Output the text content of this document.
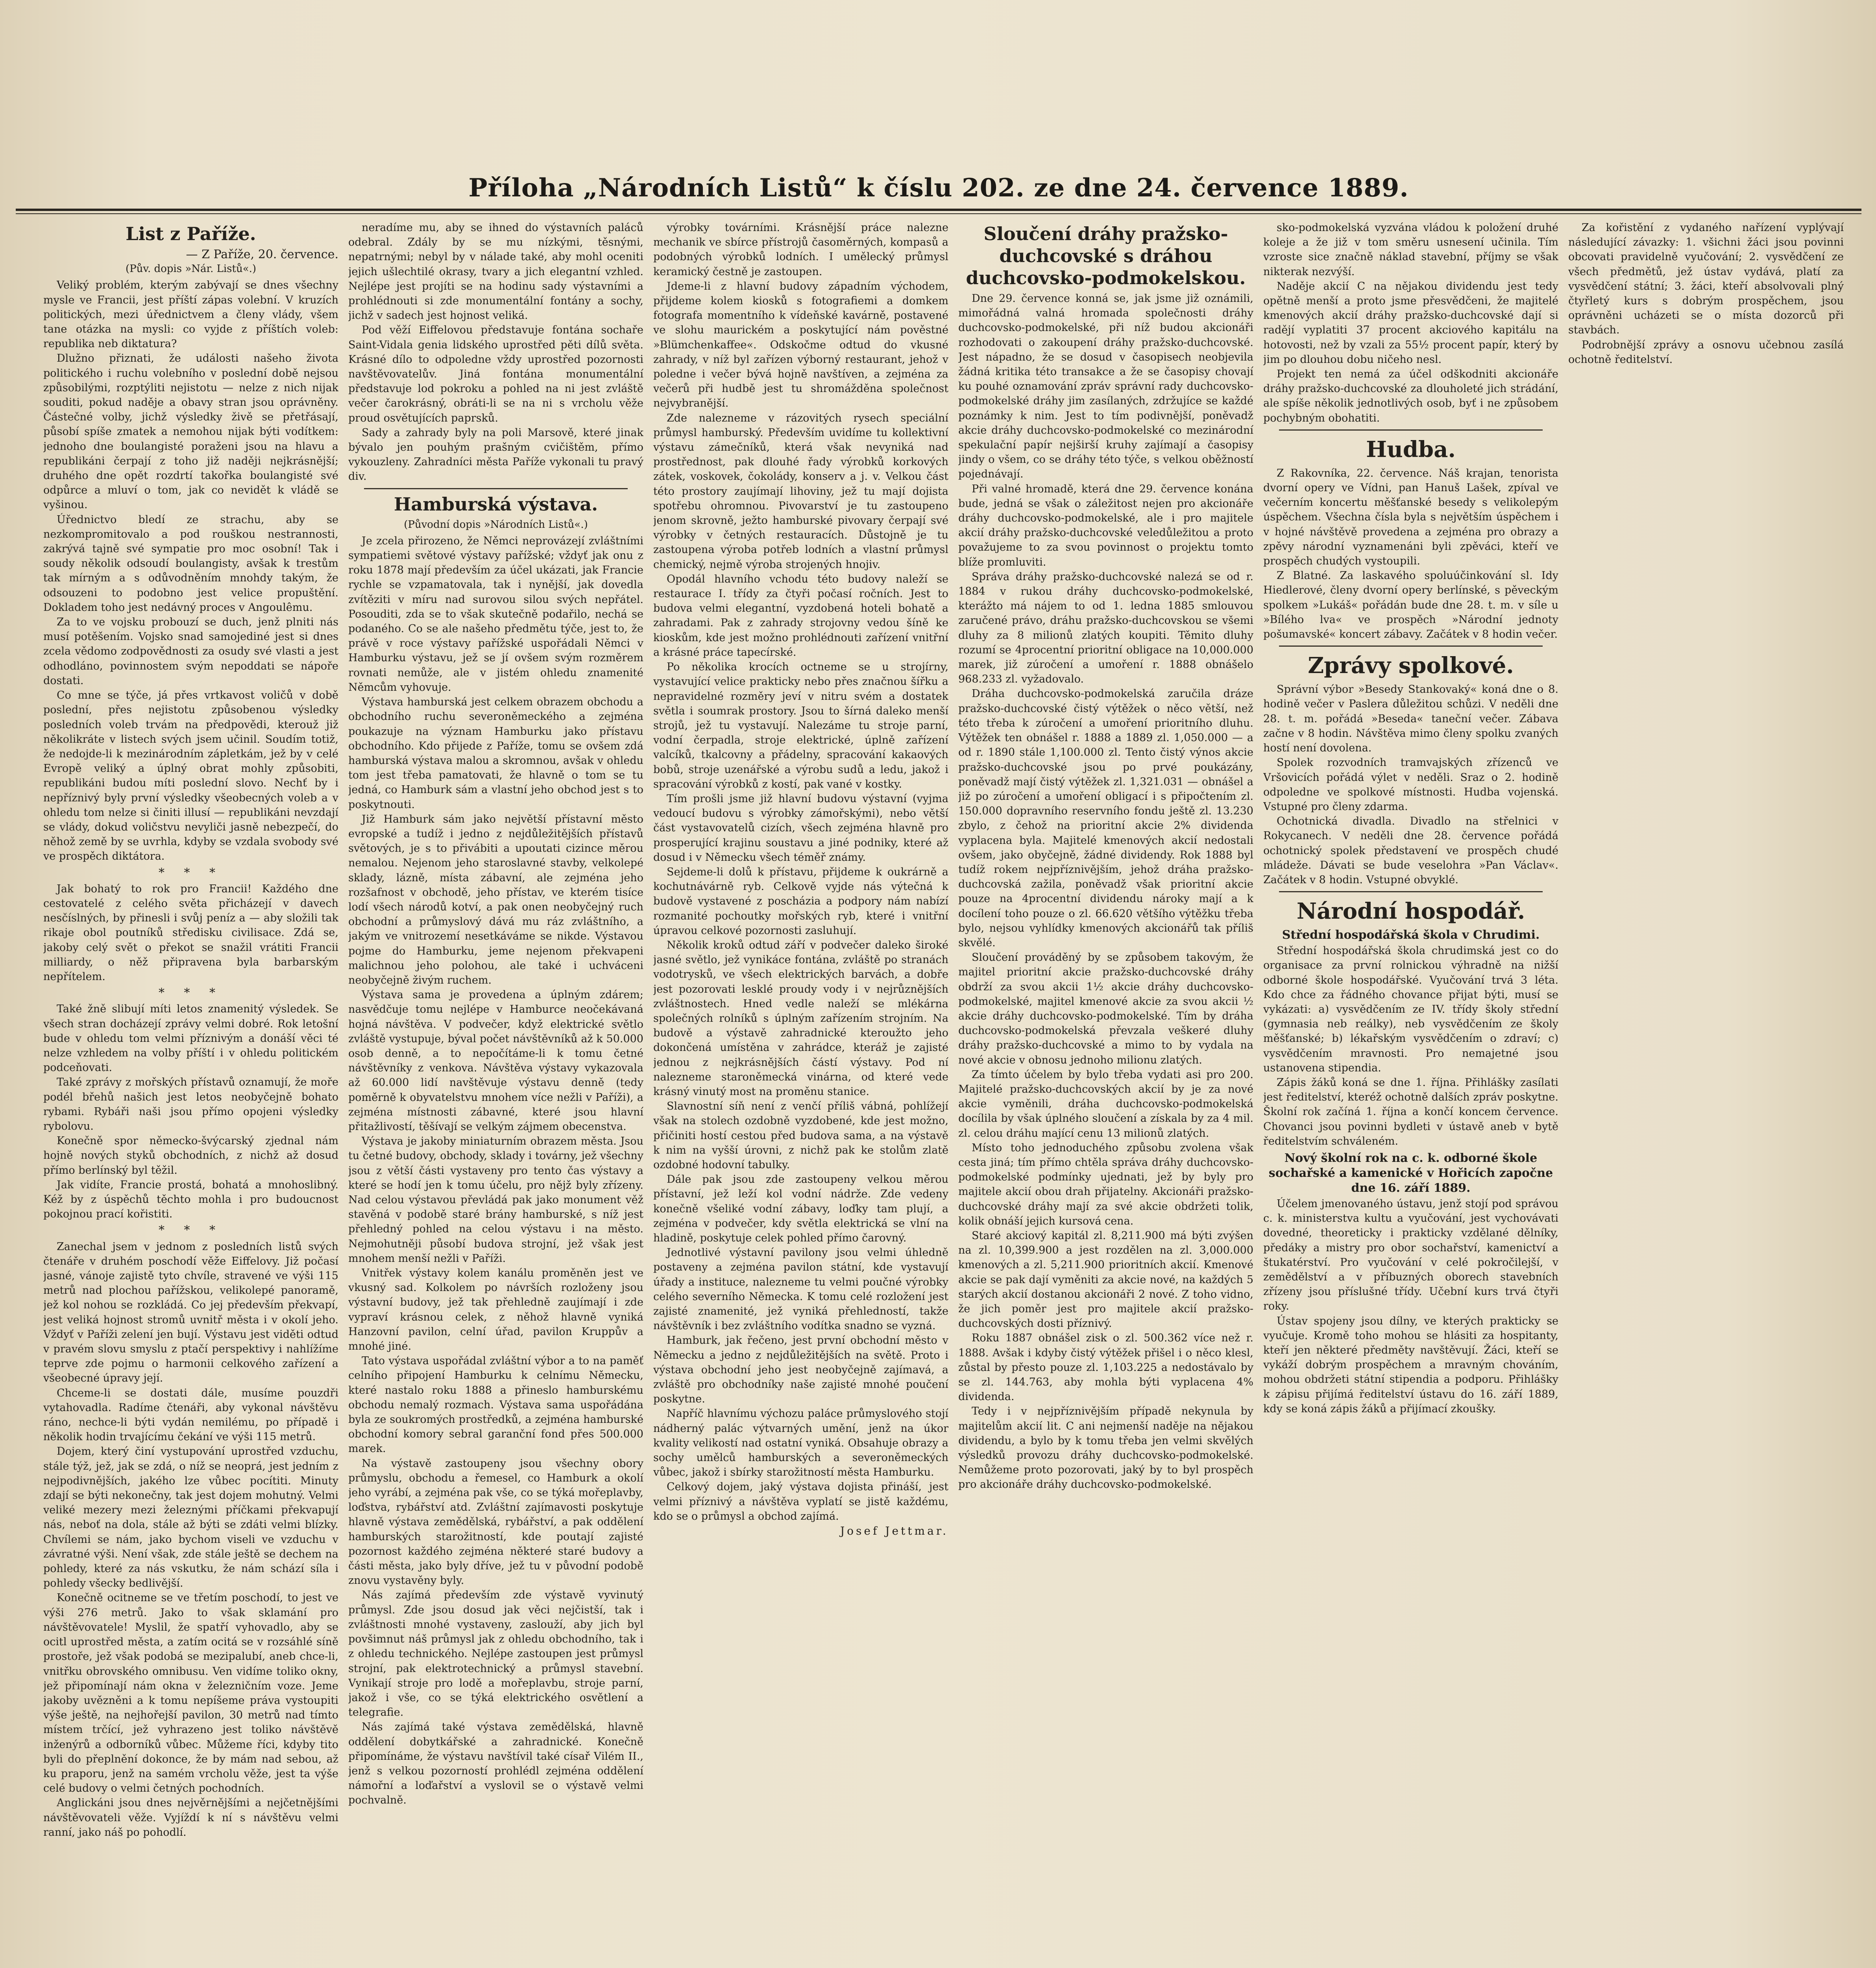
Příloha „Národních Listů“ k číslu 202. ze dne 24. července 1889.
List z Paříže.
— Z Paříže, 20. července.
(Pův. dopis »Nár. Listů«.)
Veliký problém, kterým zabývají se dnes všechny mysle ve Francii, jest příští zápas volební. V kruzích politických, mezi úřednictvem a členy vlády, všem tane otázka na mysli: co vyjde z příštích voleb: republika neb diktatura?
Dlužno přiznati, že události našeho života politického i ruchu volebního v poslední době nejsou způsobilými, rozptýliti nejistotu — nelze z nich nijak souditi, pokud naděje a obavy stran jsou oprávněny. Částečné volby, jichž výsledky živě se přetřásají, působí spíše zmatek a nemohou nijak býti vodítkem: jednoho dne boulangisté poraženi jsou na hlavu a republikáni čerpají z toho již naději nejkrásnější; druhého dne opět rozdrtí takořka boulangisté své odpůrce a mluví o tom, jak co nevidět k vládě se vyšinou.
Úřednictvo bledí ze strachu, aby se nezkompromitovalo a pod rouškou nestrannosti, zakrývá tajně své sympatie pro moc osobní! Tak i soudy několik odsoudí boulangisty, avšak k trestům tak mírným a s odůvodněním mnohdy takým, že odsouzeni to podobno jest velice propuštění. Dokladem toho jest nedávný proces v Angoulêmu.
Za to ve vojsku probouzí se duch, jenž plniti nás musí potěšením. Vojsko snad samojediné jest si dnes zcela vědomo zodpovědnosti za osudy své vlasti a jest odhodláno, povinnostem svým nepoddati se nápoře dostati.
Co mne se týče, já přes vrtkavost voličů v době poslední, přes nejistotu způsobenou výsledky posledních voleb trvám na předpovědi, kterouž již několikráte v listech svých jsem učinil. Soudím totiž, že nedojde-li k mezinárodním zápletkám, jež by v celé Evropě veliký a úplný obrat mohly způsobiti, republikáni budou míti poslední slovo. Nechť by i nepříznivý byly první výsledky všeobecných voleb a v ohledu tom nelze si činiti illusí — republikáni nevzdají se vlády, dokud voličstvu nevyliči jasně nebezpečí, do něhož země by se uvrhla, kdyby se vzdala svobody své ve prospěch diktátora.
* * *
Jak bohatý to rok pro Francii! Každého dne cestovatelé z celého světa přicházejí v davech nesčíslných, by přinesli i svůj peníz a — aby složili tak rikaje obol poutníků středisku civilisace. Zdá se, jakoby celý svět o překot se snažil vrátiti Francii milliardy, o něž připravena byla barbarským nepřítelem.
* * *
Také žně slibují míti letos znamenitý výsledek. Se všech stran docházejí zprávy velmi dobré. Rok letošní bude v ohledu tom velmi příznivým a donáší věci té nelze vzhledem na volby příští i v ohledu politickém podceňovati.
Také zprávy z mořských přístavů oznamují, že moře podél břehů našich jest letos neobyčejně bohato rybami. Rybáři naši jsou přímo opojeni výsledky rybolovu.
Konečně spor německo-švýcarský zjednal nám hojně nových styků obchodních, z nichž až dosud přímo berlínský byl těžil.
Jak vidíte, Francie prostá, bohatá a mnohoslibný. Kéž by z úspěchů těchto mohla i pro budoucnost pokojnou prací kořistiti.
* * *
Zanechal jsem v jednom z posledních listů svých čtenáře v druhém poschodí věže Eiffelovy. Již počasí jasné, vánoje zajistě tyto chvíle, stravené ve výši 115 metrů nad plochou pařížskou, velikolepé panoramě, jež kol nohou se rozkládá. Co jej především překvapí, jest veliká hojnost stromů uvnitř města i v okolí jeho. Vždyť v Paříži zelení jen bují. Výstavu jest viděti odtud v pravém slovu smyslu z ptačí perspektivy i nahlížíme teprve zde pojmu o harmonii celkového zařízení a všeobecné úpravy její.
Chceme-li se dostati dále, musíme pouzdři vytahovadla. Radíme čtenáři, aby vykonal návštěvu ráno, nechce-li býti vydán nemilému, po případě i několik hodin trvajícímu čekání ve výši 115 metrů.
Dojem, který činí vystupování uprostřed vzduchu, stále týž, jež, jak se zdá, o níž se neoprá, jest jedním z nejpodivnějších, jakého lze vůbec pocítiti. Minuty zdají se býti nekonečny, tak jest dojem mohutný. Velmi veliké mezery mezi železnými příčkami překvapují nás, neboť na dola, stále až býti se zdáti velmi blízky. Chvílemi se nám, jako bychom viseli ve vzduchu v závratné výši. Není však, zde stále ještě se dechem na pohledy, které za nás vskutku, že nám schází síla i pohledy všecky bedlivější.
Konečně ocitneme se ve třetím poschodí, to jest ve výši 276 metrů. Jako to však sklamání pro návštěvovatele! Myslil, že spatří vyhovadlo, aby se ocitl uprostřed města, a zatím ocitá se v rozsáhlé síně prostoře, jež však podobá se mezipalubí, aneb chce-li, vnitřku obrovského omnibusu. Ven vidíme toliko okny, jež připomínají nám okna v železničním voze. Jeme jakoby uvězněni a k tomu nepíšeme práva vystoupiti výše ještě, na nejhořejší pavilon, 30 metrů nad tímto místem trčící, jež vyhrazeno jest toliko návštěvě inženýrů a odborníků vůbec. Můžeme říci, kdyby tito byli do přeplnění dokonce, že by mám nad sebou, až ku praporu, jenž na samém vrcholu věže, jest ta výše celé budovy o velmi četných pochodních.
Anglickáni jsou dnes nejvěrnějšími a nejčetnějšími návštěvovateli věže. Vyjíždí k ní s návštěvu velmi ranní, jako náš po pohodlí.
neradíme mu, aby se ihned do výstavních paláců odebral. Zdály by se mu nízkými, těsnými, nepatrnými; nebyl by v nálade také, aby mohl oceniti jejich ušlechtilé okrasy, tvary a jich elegantní vzhled. Nejlépe jest projíti se na hodinu sady výstavními a prohlédnouti si zde monumentální fontány a sochy, jichž v sadech jest hojnost veliká.
Pod věží Eiffelovou představuje fontána sochaře Saint-Vidala genia lidského uprostřed pěti dílů světa. Krásné dílo to odpoledne vždy uprostřed pozornosti navštěvovatelův. Jiná fontána monumentální představuje lod pokroku a pohled na ni jest zvláště večer čarokrásný, obráti-li se na ni s vrcholu věže proud osvětujících paprsků.
Sady a zahrady byly na poli Marsově, které jinak bývalo jen pouhým prašným cvičištěm, přímo vykouzleny. Zahradníci města Paříže vykonali tu pravý div.
Hamburská výstava.
(Původní dopis »Národních Listů«.)
Je zcela přirozeno, že Němci neprovázejí zvláštními sympatiemi světové výstavy pařížské; vždyť jak onu z roku 1878 mají především za účel ukázati, jak Francie rychle se vzpamatovala, tak i nynější, jak dovedla zvítěziti v míru nad surovou silou svých nepřátel. Posouditi, zda se to však skutečně podařilo, nechá se podaného. Co se ale našeho předmětu týče, jest to, že právě v roce výstavy pařížské uspořádali Němci v Hamburku výstavu, jež se jí ovšem svým rozměrem rovnati nemůže, ale v jistém ohledu znamenité Němcům vyhovuje.
Výstava hamburská jest celkem obrazem obchodu a obchodního ruchu severoněmeckého a zejména poukazuje na význam Hamburku jako přístavu obchodního. Kdo přijede z Paříže, tomu se ovšem zdá hamburská výstava malou a skromnou, avšak v ohledu tom jest třeba pamatovati, že hlavně o tom se tu jedná, co Hamburk sám a vlastní jeho obchod jest s to poskytnouti.
Již Hamburk sám jako největší přístavní město evropské a tudíž i jedno z nejdůležitějších přístavů světových, je s to přivábiti a upoutati cizince měrou nemalou. Nejenom jeho staroslavné stavby, velkolepé sklady, lázně, místa zábavní, ale zejména jeho rozšafnost v obchodě, jeho přístav, ve kterém tisíce lodí všech národů kotví, a pak onen neobyčejný ruch obchodní a průmyslový dává mu ráz zvláštního, a jakým ve vnitrozemí nesetkáváme se nikde. Výstavou pojme do Hamburku, jeme nejenom překvapeni malichnou jeho polohou, ale také i uchváceni neobyčejně živým ruchem.
Výstava sama je provedena a úplným zdárem; nasvědčuje tomu nejlépe v Hamburce neočekávaná hojná návštěva. V podvečer, když elektrické světlo zvláště vystupuje, býval počet návštěvníků až k 50.000 osob denně, a to nepočítáme-li k tomu četné návštěvníky z venkova. Návštěva výstavy vykazovala až 60.000 lidí navštěvuje výstavu denně (tedy poměrně k obyvatelstvu mnohem více nežli v Paříži), a zejména místnosti zábavné, které jsou hlavní přitažlivostí, těšívají se velkým zájmem obecenstva.
Výstava je jakoby miniaturním obrazem města. Jsou tu četné budovy, obchody, sklady i továrny, jež všechny jsou z větší části vystaveny pro tento čas výstavy a které se hodí jen k tomu účelu, pro nějž byly zřízeny. Nad celou výstavou převládá pak jako monument věž stavěná v podobě staré brány hamburské, s níž jest přehledný pohled na celou výstavu i na město. Nejmohutněji působí budova strojní, jež však jest mnohem menší nežli v Paříži.
Vnitřek výstavy kolem kanálu proměněn jest ve vkusný sad. Kolkolem po návrších rozloženy jsou výstavní budovy, jež tak přehledně zaujímají i zde vypraví krásnou celek, z něhož hlavně vyniká Hanzovní pavilon, celní úřad, pavilon Kruppův a mnohé jiné.
Tato výstava uspořádal zvláštní výbor a to na paměť celního připojení Hamburku k celnímu Německu, které nastalo roku 1888 a přineslo hamburskému obchodu nemalý rozmach. Výstava sama uspořádána byla ze soukromých prostředků, a zejména hamburské obchodní komory sebral garanční fond přes 500.000 marek.
Na výstavě zastoupeny jsou všechny obory průmyslu, obchodu a řemesel, co Hamburk a okolí jeho vyrábí, a zejména pak vše, co se týká mořeplavby, loďstva, rybářství atd. Zvláštní zajímavosti poskytuje hlavně výstava zemědělská, rybářství, a pak oddělení hamburských starožitností, kde poutají zajisté pozornost každého zejména některé staré budovy a části města, jako byly dříve, jež tu v původní podobě znovu vystavěny byly.
Nás zajímá především zde výstavě vyvinutý průmysl. Zde jsou dosud jak věci nejčistší, tak i zvláštnosti mnohé vystaveny, zaslouží, aby jich byl povšimnut náš průmysl jak z ohledu obchodního, tak i z ohledu technického. Nejlépe zastoupen jest průmysl strojní, pak elektrotechnický a průmysl stavební. Vynikají stroje pro lodě a mořeplavbu, stroje parní, jakož i vše, co se týká elektrického osvětlení a telegrafie.
Nás zajímá také výstava zemědělská, hlavně oddělení dobytkářské a zahradnické. Konečně připomínáme, že výstavu navštívil také císař Vilém II., jenž s velkou pozorností prohlédl zejména oddělení námořní a loďařství a vyslovil se o výstavě velmi pochvalně.
výrobky továrními. Krásnější práce nalezne mechanik ve sbírce přístrojů časoměrných, kompasů a podobných výrobků lodních. I umělecký průmysl keramický čestně je zastoupen.
Jdeme-li z hlavní budovy západním východem, přijdeme kolem kiosků s fotografiemi a domkem fotografa momentního k vídeňské kavárně, postavené ve slohu maurickém a poskytující nám pověstné »Blümchenkaffee«. Odskočme odtud do vkusné zahrady, v níž byl zařízen výborný restaurant, jehož v poledne i večer bývá hojně navštíven, a zejména za večerů při hudbě jest tu shromážděna společnost nejvybranější.
Zde nalezneme v rázovitých rysech speciální průmysl hamburský. Především uvidíme tu kollektivní výstavu zámečníků, která však nevyniká nad prostřednost, pak dlouhé řady výrobků korkových zátek, voskovek, čokolády, konserv a j. v. Velkou část této prostory zaujímají lihoviny, jež tu mají dojista spotřebu ohromnou. Pivovarství je tu zastoupeno jenom skrovně, ježto hamburské pivovary čerpají své výrobky v četných restauracích. Důstojně je tu zastoupena výroba potřeb lodních a vlastní průmysl chemický, nejmě výroba strojených hnojiv.
Opodál hlavního vchodu této budovy naleží se restaurace I. třídy za čtyři počasí ročních. Jest to budova velmi elegantní, vyzdobená hoteli bohatě a zahradami. Pak z zahrady strojovny vedou šíně ke kioskům, kde jest možno prohlédnouti zařízení vnitřní a krásné práce tapecírské.
Po několika krocích octneme se u strojírny, vystavující velice prakticky nebo přes značnou šířku a nepravidelné rozměry jeví v nitru svém a dostatek světla i soumrak prostory. Jsou to šírná daleko menší strojů, jež tu vystavují. Nalezáme tu stroje parní, vodní čerpadla, stroje elektrické, úplně zařízení valcíků, tkalcovny a přádelny, spracování kakaových bobů, stroje uzenářské a výrobu sudů a ledu, jakož i spracování výrobků z kostí, pak vané v kostky.
Tím prošli jsme již hlavní budovu výstavní (vyjma vedoucí budovu s výrobky zámořskými), nebo větší část vystavovatelů cizích, všech zejména hlavně pro prosperující krajinu soustavu a jiné podniky, které až dosud i v Německu všech téměř známy.
Sejdeme-li dolů k přístavu, přijdeme k oukrárně a kochutnávárně ryb. Celkově vyjde nás výtečná k budově vystavené z poscházia a podpory nám nabízí rozmanité pochoutky mořských ryb, které i vnitřní úpravou celkové pozornosti zasluhují.
Několik kroků odtud září v podvečer daleko široké jasné světlo, jež vynikáce fontána, zvláště po stranách vodotrysků, ve všech elektrických barvách, a dobře jest pozorovati lesklé proudy vody i v nejrůznějších zvláštnostech. Hned vedle naleží se mlékárna společných rolníků s úplným zařízením strojním. Na budově a výstavě zahradnické kteroužto jeho dokončená umístěna v zahrádce, kteráž je zajisté jednou z nejkrásnějších částí výstavy. Pod ní nalezneme staroněmecká vinárna, od které vede krásný vinutý most na proměnu stanice.
Slavnostní síň není z venčí příliš vábná, pohlížejí však na stolech ozdobně vyzdobené, kde jest možno, přičiniti hostí cestou před budova sama, a na výstavě k nim na vyšší úrovni, z nichž pak ke stolům zlatě ozdobné hodovní tabulky.
Dále pak jsou zde zastoupeny velkou měrou přístavní, jež leží kol vodní nádrže. Zde vedeny konečně všeliké vodní zábavy, loďky tam plují, a zejména v podvečer, kdy světla elektrická se vlní na hladině, poskytuje celek pohled přímo čarovný.
Jednotlivé výstavní pavilony jsou velmi úhledně postaveny a zejména pavilon státní, kde vystavují úřady a instituce, nalezneme tu velmi poučné výrobky celého severního Německa. K tomu celé rozložení jest zajisté znamenité, jež vyniká přehledností, takže návštěvník i bez zvláštního vodítka snadno se vyzná.
Hamburk, jak řečeno, jest první obchodní město v Německu a jedno z nejdůležitějších na světě. Proto i výstava obchodní jeho jest neobyčejně zajímavá, a zvláště pro obchodníky naše zajisté mnohé poučení poskytne.
Napříč hlavnímu výchozu paláce průmyslového stojí nádherný palác výtvarných umění, jenž na úkor kvality velikostí nad ostatní vyniká. Obsahuje obrazy a sochy umělců hamburských a severoněmeckých vůbec, jakož i sbírky starožitností města Hamburku.
Celkový dojem, jaký výstava dojista přináší, jest velmi příznivý a návštěva vyplatí se jistě každému, kdo se o průmysl a obchod zajímá.
Josef Jettmar.
Sloučení dráhy pražsko-duchcovské s dráhou duchcovsko-podmokelskou.
Dne 29. července konná se, jak jsme již oznámili, mimořádná valná hromada společnosti dráhy duchcovsko-podmokelské, při níž budou akcionáři rozhodovati o zakoupení dráhy pražsko-duchcovské. Jest nápadno, že se dosud v časopisech neobjevila žádná kritika této transakce a že se časopisy chovají ku pouhé oznamování zpráv správní rady duchcovsko-podmokelské dráhy jim zasílaných, zdržujíce se každé poznámky k nim. Jest to tím podivnější, poněvadž akcie dráhy duchcovsko-podmokelské co mezinárodní spekulační papír nejširší kruhy zajímají a časopisy jindy o všem, co se dráhy této týče, s velkou oběžností pojednávají.
Při valné hromadě, která dne 29. července konána bude, jedná se však o záležitost nejen pro akcionáře dráhy duchcovsko-podmokelské, ale i pro majitele akcií dráhy pražsko-duchcovské veledůležitou a proto považujeme to za svou povinnost o projektu tomto blíže promluviti.
Správa dráhy pražsko-duchcovské nalezá se od r. 1884 v rukou dráhy duchcovsko-podmokelské, kterážto má nájem to od 1. ledna 1885 smlouvou zaručené právo, dráhu pražsko-duchcovskou se všemi dluhy za 8 milionů zlatých koupiti. Těmito dluhy rozumí se 4procentní prioritní obligace na 10,000.000 marek, již zúročení a umoření r. 1888 obnášelo 968.233 zl. vyžadovalo.
Dráha duchcovsko-podmokelská zaručila dráze pražsko-duchcovské čistý výtěžek o něco větší, než této třeba k zúročení a umoření prioritního dluhu. Výtěžek ten obnášel r. 1888 a 1889 zl. 1,050.000 — a od r. 1890 stále 1,100.000 zl. Tento čistý výnos akcie pražsko-duchcovské jsou po prvé poukázány, poněvadž mají čistý výtěžek zl. 1,321.031 — obnášel a již po zúročení a umoření obligací i s připočtením zl. 150.000 dopravního reservního fondu ještě zl. 13.230 zbylo, z čehož na prioritní akcie 2% dividenda vyplacena byla. Majitelé kmenových akcií nedostali ovšem, jako obyčejně, žádné dividendy. Rok 1888 byl tudíž rokem nejpříznivějším, jehož dráha pražsko-duchcovská zažila, poněvadž však prioritní akcie pouze na 4procentní dividendu nároky mají a k docílení toho pouze o zl. 66.620 většího výtěžku třeba bylo, nejsou vyhlídky kmenových akcionářů tak příliš skvělé.
Sloučení prováděný by se způsobem takovým, že majitel prioritní akcie pražsko-duchcovské dráhy obdrží za svou akcii 1½ akcie dráhy duchcovsko-podmokelské, majitel kmenové akcie za svou akcii ½ akcie dráhy duchcovsko-podmokelské. Tím by dráha duchcovsko-podmokelská převzala veškeré dluhy dráhy pražsko-duchcovské a mimo to by vydala na nové akcie v obnosu jednoho milionu zlatých.
Za tímto účelem by bylo třeba vydati asi pro 200. Majitelé pražsko-duchcovských akcií by je za nové akcie vyměnili, dráha duchcovsko-podmokelská docílila by však úplného sloučení a získala by za 4 mil. zl. celou dráhu mající cenu 13 milionů zlatých.
Místo toho jednoduchého způsobu zvolena však cesta jiná; tím přímo chtěla správa dráhy duchcovsko-podmokelské podmínky ujednati, jež by byly pro majitele akcií obou drah přijatelny. Akcionáři pražsko-duchcovské dráhy mají za své akcie obdržeti tolik, kolik obnáší jejich kursová cena.
Staré akciový kapitál zl. 8,211.900 má býti zvýšen na zl. 10,399.900 a jest rozdělen na zl. 3,000.000 kmenových a zl. 5,211.900 prioritních akcií. Kmenové akcie se pak dají vyměniti za akcie nové, na každých 5 starých akcií dostanou akcionáři 2 nové. Z toho vidno, že jich poměr jest pro majitele akcií pražsko-duchcovských dosti příznivý.
Roku 1887 obnášel zisk o zl. 500.362 více než r. 1888. Avšak i kdyby čistý výtěžek přišel i o něco klesl, zůstal by přesto pouze zl. 1,103.225 a nedostávalo by se zl. 144.763, aby mohla býti vyplacena 4% dividenda.
Tedy i v nejpříznivějším případě nekynula by majitelům akcií lit. C ani nejmenší naděje na nějakou dividendu, a bylo by k tomu třeba jen velmi skvělých výsledků provozu dráhy duchcovsko-podmokelské. Nemůžeme proto pozorovati, jaký by to byl prospěch pro akcionáře dráhy duchcovsko-podmokelské.
sko-podmokelská vyzvána vládou k položení druhé koleje a že již v tom směru usnesení učinila. Tím vzroste sice značně náklad stavební, příjmy se však nikterak nezvýší.
Naděje akcií C na nějakou dividendu jest tedy opětně menší a proto jsme přesvědčeni, že majitelé kmenových akcií dráhy pražsko-duchcovské dají si radějí vyplatiti 37 procent akciového kapitálu na hotovosti, než by vzali za 55½ procent papír, který by jim po dlouhou dobu ničeho nesl.
Projekt ten nemá za účel odškodniti akcionáře dráhy pražsko-duchcovské za dlouholeté jich strádání, ale spíše několik jednotlivých osob, byť i ne způsobem pochybným obohatiti.
Hudba.
Z Rakovníka, 22. července. Náš krajan, tenorista dvorní opery ve Vídni, pan Hanuš Lašek, zpíval ve večerním koncertu měšťanské besedy s velikolepým úspěchem. Všechna čísla byla s největším úspěchem i v hojné návštěvě provedena a zejména pro obrazy a zpěvy národní vyznamenáni byli zpěváci, kteří ve prospěch chudých vystoupili.
Z Blatné. Za laskavého spoluúčinkování sl. Idy Hiedlerové, členy dvorní opery berlínské, s pěveckým spolkem »Lukáš« pořádán bude dne 28. t. m. v síle u »Bílého lva« ve prospěch »Národní jednoty pošumavské« koncert zábavy. Začátek v 8 hodin večer.
Zprávy spolkové.
Správní výbor »Besedy Stankovaký« koná dne o 8. hodině večer v Paslera důležitou schůzi. V neděli dne 28. t. m. pořádá »Beseda« taneční večer. Zábava začne v 8 hodin. Návštěva mimo členy spolku zvaných hostí není dovolena.
Spolek rozvodních tramvajských zřízenců ve Vršovicích pořádá výlet v neděli. Sraz o 2. hodině odpoledne ve spolkové místnosti. Hudba vojenská. Vstupné pro členy zdarma.
Ochotnická divadla. Divadlo na střelnici v Rokycanech. V neděli dne 28. července pořádá ochotnický spolek představení ve prospěch chudé mládeže. Dávati se bude veselohra »Pan Václav«. Začátek v 8 hodin. Vstupné obvyklé.
Národní hospodář.
Střední hospodářská škola v Chrudimi.
Střední hospodářská škola chrudimská jest co do organisace za první rolnickou výhradně na nižší odborné škole hospodářské. Vyučování trvá 3 léta. Kdo chce za řádného chovance přijat býti, musí se vykázati: a) vysvědčením ze IV. třídy školy střední (gymnasia neb reálky), neb vysvědčením ze školy měšťanské; b) lékařským vysvědčením o zdraví; c) vysvědčením mravnosti. Pro nemajetné jsou ustanovena stipendia.
Zápis žáků koná se dne 1. října. Přihlášky zasílati jest ředitelství, kteréž ochotně dalších zpráv poskytne. Školní rok začíná 1. října a končí koncem července. Chovanci jsou povinni bydleti v ústavě aneb v bytě ředitelstvím schváleném.
Nový školní rok na c. k. odborné škole sochařské a kamenické v Hořicích započne dne 16. září 1889.
Účelem jmenovaného ústavu, jenž stojí pod správou c. k. ministerstva kultu a vyučování, jest vychovávati dovedné, theoreticky i prakticky vzdělané dělníky, předáky a mistry pro obor sochařství, kamenictví a štukatérství. Pro vyučování v celé pokročilejší, v zemědělství a v příbuzných oborech stavebních zřízeny jsou příslušné třídy. Učební kurs trvá čtyři roky.
Ústav spojeny jsou dílny, ve kterých prakticky se vyučuje. Kromě toho mohou se hlásiti za hospitanty, kteří jen některé předměty navštěvují. Žáci, kteří se vykáží dobrým prospěchem a mravným chováním, mohou obdržeti státní stipendia a podporu. Přihlášky k zápisu přijímá ředitelství ústavu do 16. září 1889, kdy se koná zápis žáků a přijímací zkoušky.
Za kořistění z vydaného nařízení vyplývají následující závazky: 1. všichni žáci jsou povinni obcovati pravidelně vyučování; 2. vysvědčení ze všech předmětů, jež ústav vydává, platí za vysvědčení státní; 3. žáci, kteří absolvovali plný čtyřletý kurs s dobrým prospěchem, jsou oprávněni ucházeti se o místa dozorců při stavbách.
Podrobnější zprávy a osnovu učebnou zasílá ochotně ředitelství.
